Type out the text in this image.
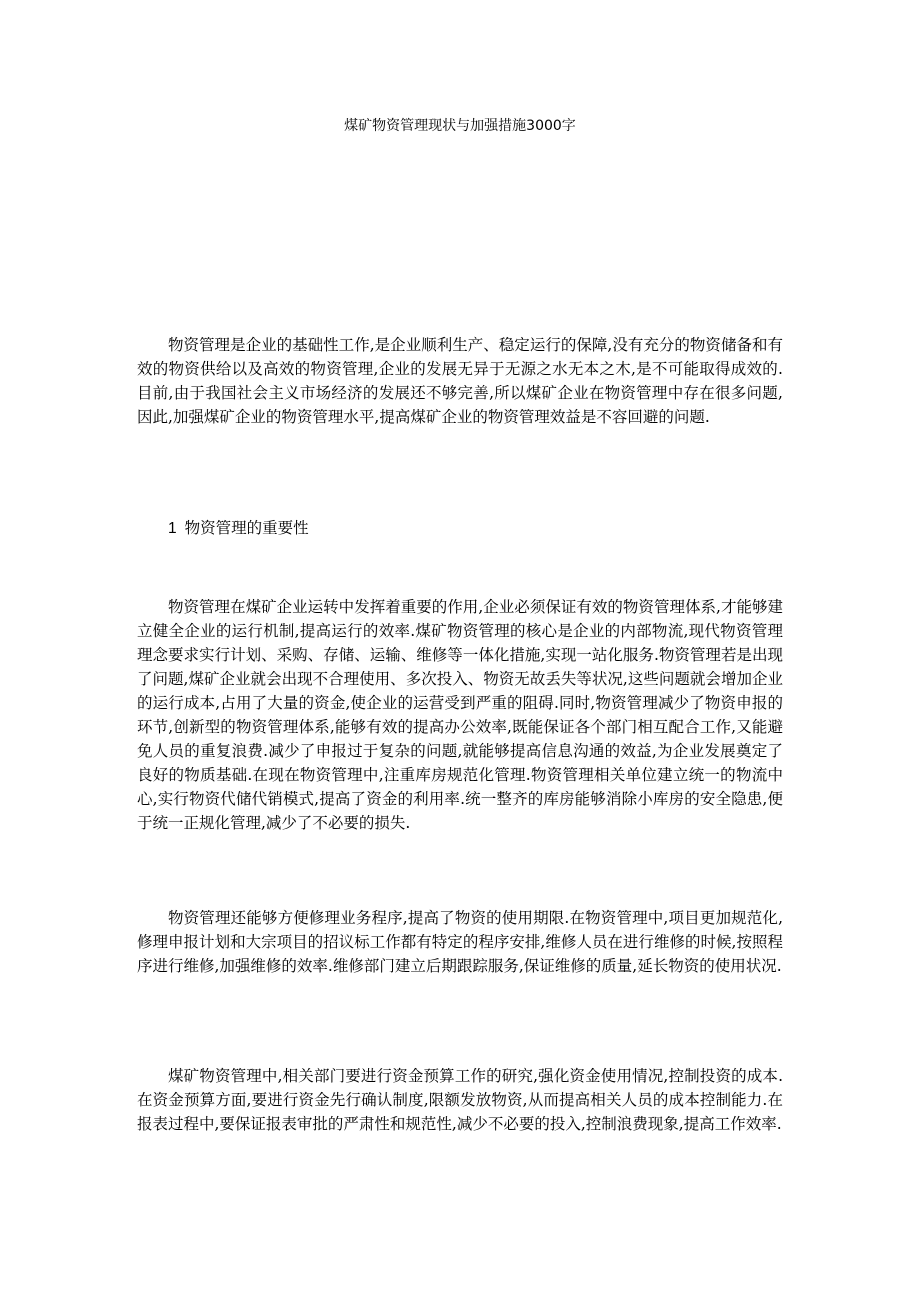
煤矿物资管理现状与加强措施3000字

物资管理是企业的基础性工作,是企业顺利生产、稳定运行的保障,没有充分的物资储备和有效的物资供给以及高效的物资管理,企业的发展无异于无源之水无本之木,是不可能取得成效的.目前,由于我国社会主义市场经济的发展还不够完善,所以煤矿企业在物资管理中存在很多问题,因此,加强煤矿企业的物资管理水平,提高煤矿企业的物资管理效益是不容回避的问题.

1 物资管理的重要性

物资管理在煤矿企业运转中发挥着重要的作用,企业必须保证有效的物资管理体系,才能够建立健全企业的运行机制,提高运行的效率.煤矿物资管理的核心是企业的内部物流,现代物资管理理念要求实行计划、采购、存储、运输、维修等一体化措施,实现一站化服务.物资管理若是出现了问题,煤矿企业就会出现不合理使用、多次投入、物资无故丢失等状况,这些问题就会增加企业的运行成本,占用了大量的资金,使企业的运营受到严重的阻碍.同时,物资管理减少了物资申报的环节,创新型的物资管理体系,能够有效的提高办公效率,既能保证各个部门相互配合工作,又能避免人员的重复浪费.减少了申报过于复杂的问题,就能够提高信息沟通的效益,为企业发展奠定了良好的物质基础.在现在物资管理中,注重库房规范化管理.物资管理相关单位建立统一的物流中心,实行物资代储代销模式,提高了资金的利用率.统一整齐的库房能够消除小库房的安全隐患,便于统一正规化管理,减少了不必要的损失.

物资管理还能够方便修理业务程序,提高了物资的使用期限.在物资管理中,项目更加规范化,修理申报计划和大宗项目的招议标工作都有特定的程序安排,维修人员在进行维修的时候,按照程序进行维修,加强维修的效率.维修部门建立后期跟踪服务,保证维修的质量,延长物资的使用状况.

煤矿物资管理中,相关部门要进行资金预算工作的研究,强化资金使用情况,控制投资的成本.在资金预算方面,要进行资金先行确认制度,限额发放物资,从而提高相关人员的成本控制能力.在报表过程中,要保证报表审批的严肃性和规范性,减少不必要的投入,控制浪费现象,提高工作效率.
